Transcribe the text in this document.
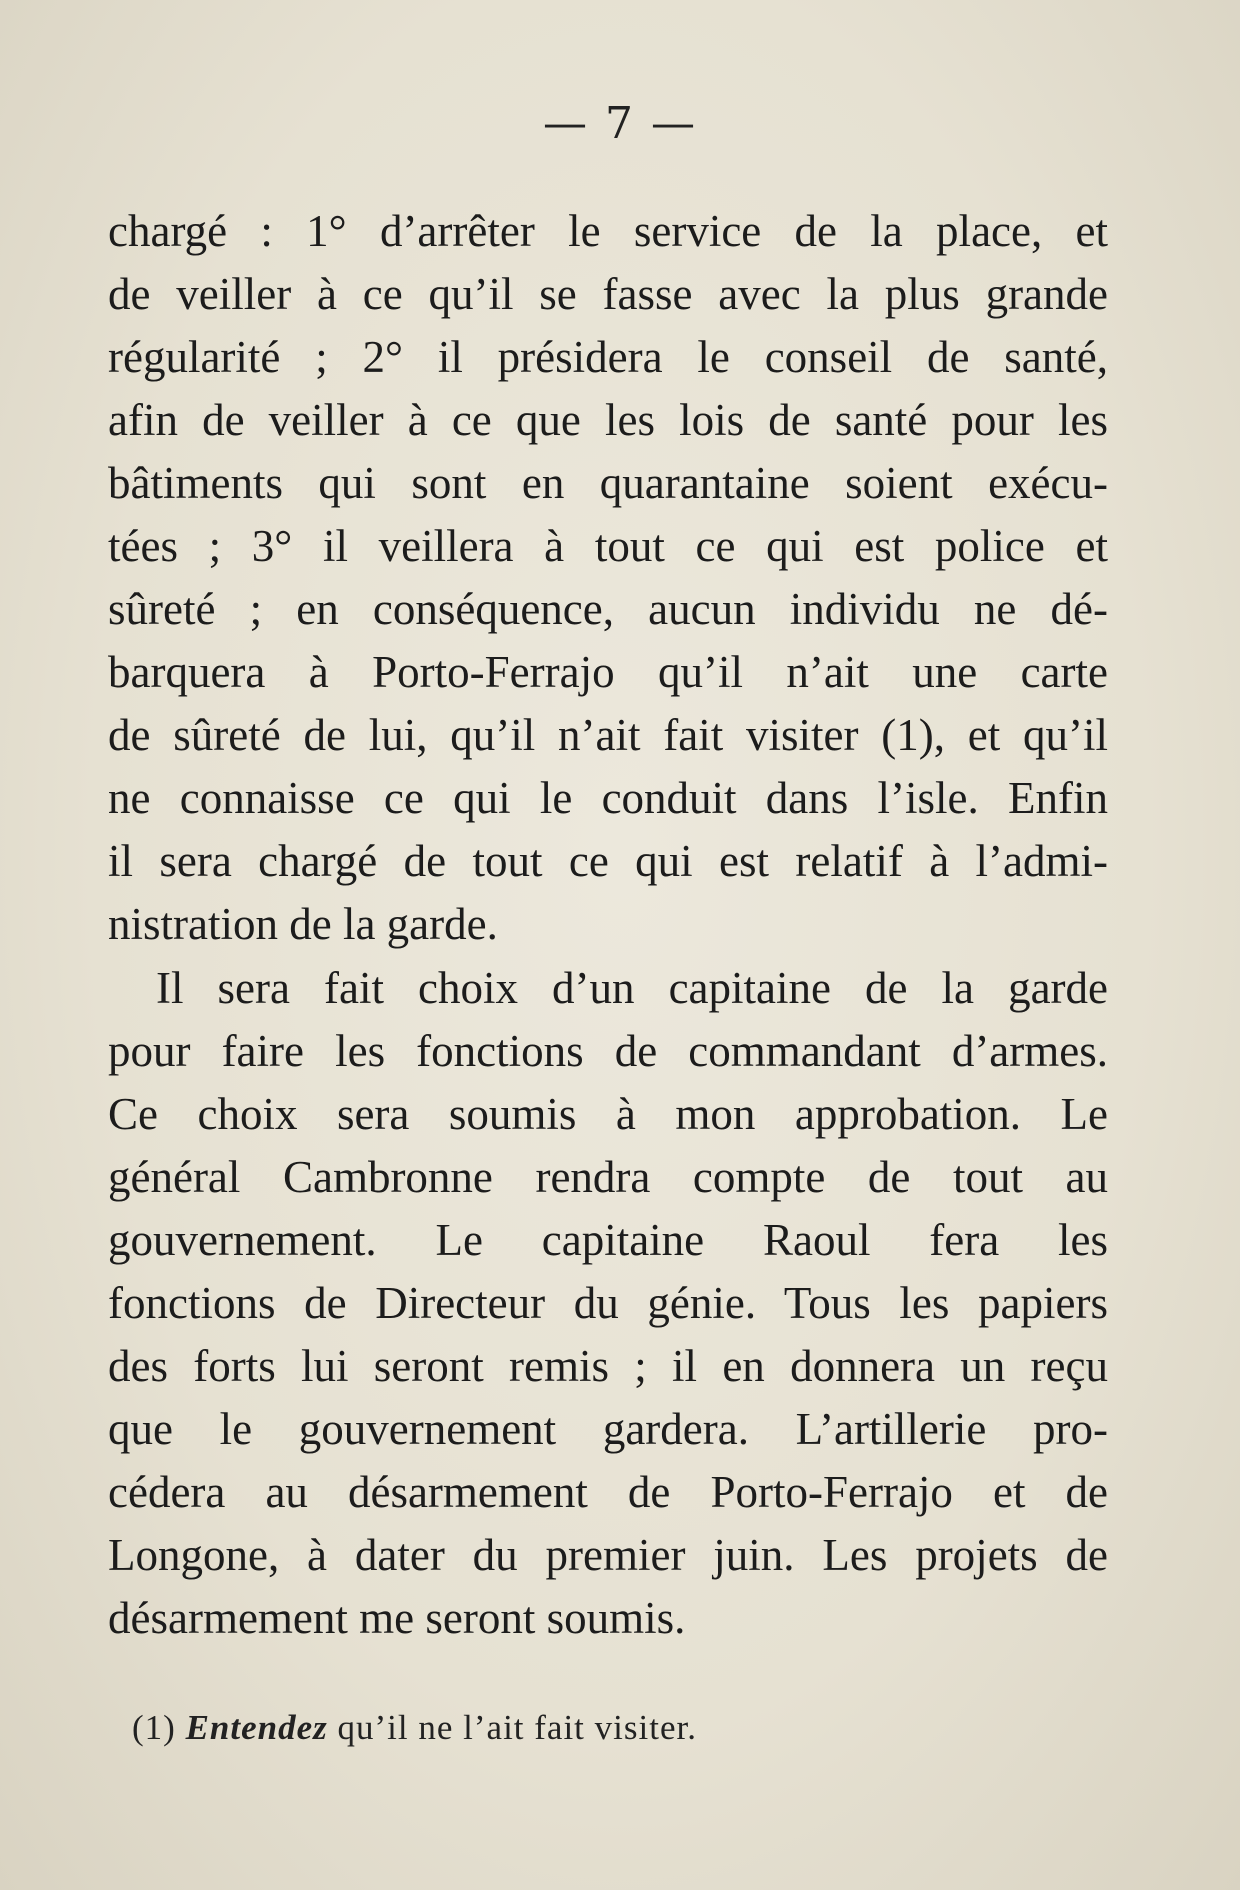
— 7 —
chargé : 1° d’arrêter le service de la place, et
de veiller à ce qu’il se fasse avec la plus grande
régularité ; 2° il présidera le conseil de santé,
afin de veiller à ce que les lois de santé pour les
bâtiments qui sont en quarantaine soient exécu-
tées ; 3° il veillera à tout ce qui est police et
sûreté ; en conséquence, aucun individu ne dé-
barquera à Porto-Ferrajo qu’il n’ait une carte
de sûreté de lui, qu’il n’ait fait visiter (1), et qu’il
ne connaisse ce qui le conduit dans l’isle. Enfin
il sera chargé de tout ce qui est relatif à l’admi-
nistration de la garde.
Il sera fait choix d’un capitaine de la garde
pour faire les fonctions de commandant d’armes.
Ce choix sera soumis à mon approbation. Le
général Cambronne rendra compte de tout au
gouvernement. Le capitaine Raoul fera les
fonctions de Directeur du génie. Tous les papiers
des forts lui seront remis ; il en donnera un reçu
que le gouvernement gardera. L’artillerie pro-
cédera au désarmement de Porto-Ferrajo et de
Longone, à dater du premier juin. Les projets de
désarmement me seront soumis.
(1) Entendez qu’il ne l’ait fait visiter.
